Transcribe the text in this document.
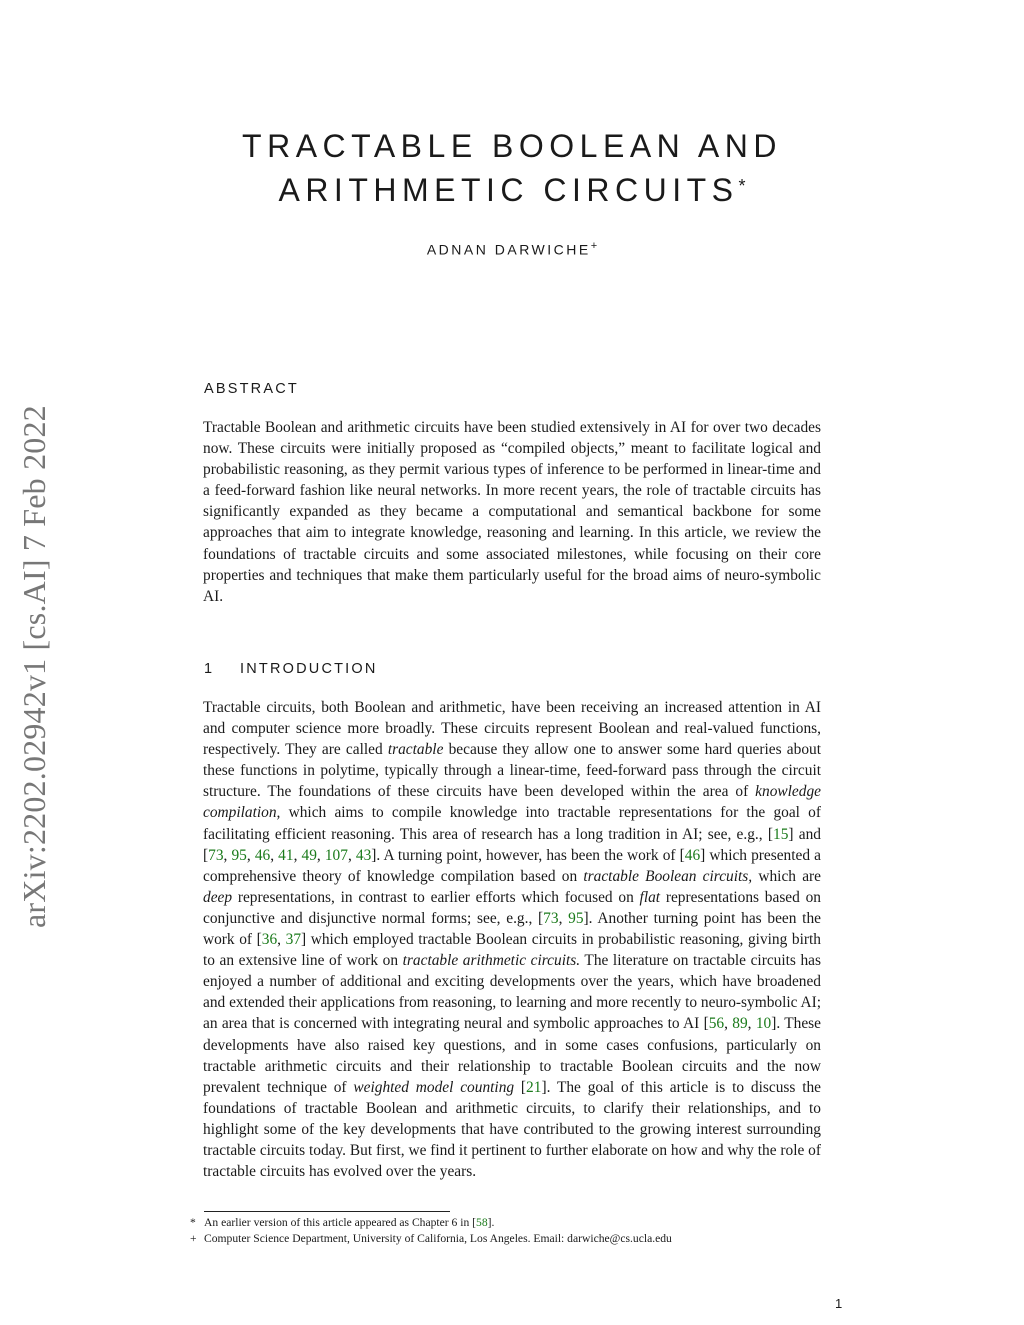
TRACTABLE BOOLEAN AND
ARITHMETIC CIRCUITS*
ADNAN DARWICHE+
arXiv:2202.02942v1 [cs.AI] 7 Feb 2022
ABSTRACT

Tractable Boolean and arithmetic circuits have been studied extensively in AI for over two decades now. These circuits were initially proposed as “compiled objects,” meant to facilitate logical and probabilistic reasoning, as they permit various types of inference to be performed in linear-time and a feed-forward fashion like neural networks. In more recent years, the role of tractable circuits has significantly expanded as they became a computational and semantical backbone for some approaches that aim to integrate knowledge, reasoning and learning. In this article, we review the foundations of tractable circuits and some associated milestones, while focusing on their core properties and techniques that make them particularly useful for the broad aims of neuro-symbolic AI.

1 INTRODUCTION

Tractable circuits, both Boolean and arithmetic, have been receiving an increased attention in AI and computer science more broadly. These circuits represent Boolean and real-valued functions, respectively. They are called tractable because they allow one to answer some hard queries about these functions in polytime, typically through a linear-time, feed-forward pass through the circuit structure. The foundations of these circuits have been developed within the area of knowledge compilation, which aims to compile knowledge into tractable representations for the goal of facilitating efficient reasoning. This area of research has a long tradition in AI; see, e.g., [15] and [73, 95, 46, 41, 49, 107, 43]. A turning point, however, has been the work of [46] which presented a comprehensive theory of knowledge compilation based on tractable Boolean circuits, which are deep representations, in contrast to earlier efforts which focused on flat representations based on conjunctive and disjunctive normal forms; see, e.g., [73, 95]. Another turning point has been the work of [36, 37] which employed tractable Boolean circuits in probabilistic reasoning, giving birth to an extensive line of work on tractable arithmetic circuits. The literature on tractable circuits has enjoyed a number of additional and exciting developments over the years, which have broadened and extended their applications from reasoning, to learning and more recently to neuro-symbolic AI; an area that is concerned with integrating neural and symbolic approaches to AI [56, 89, 10]. These developments have also raised key questions, and in some cases confusions, particularly on tractable arithmetic circuits and their relationship to tractable Boolean circuits and the now prevalent technique of weighted model counting [21]. The goal of this article is to discuss the foundations of tractable Boolean and arithmetic circuits, to clarify their relationships, and to highlight some of the key developments that have contributed to the growing interest surrounding tractable circuits today. But first, we find it pertinent to further elaborate on how and why the role of tractable circuits has evolved over the years.

* An earlier version of this article appeared as Chapter 6 in [58].
+ Computer Science Department, University of California, Los Angeles. Email: darwiche@cs.ucla.edu
1
